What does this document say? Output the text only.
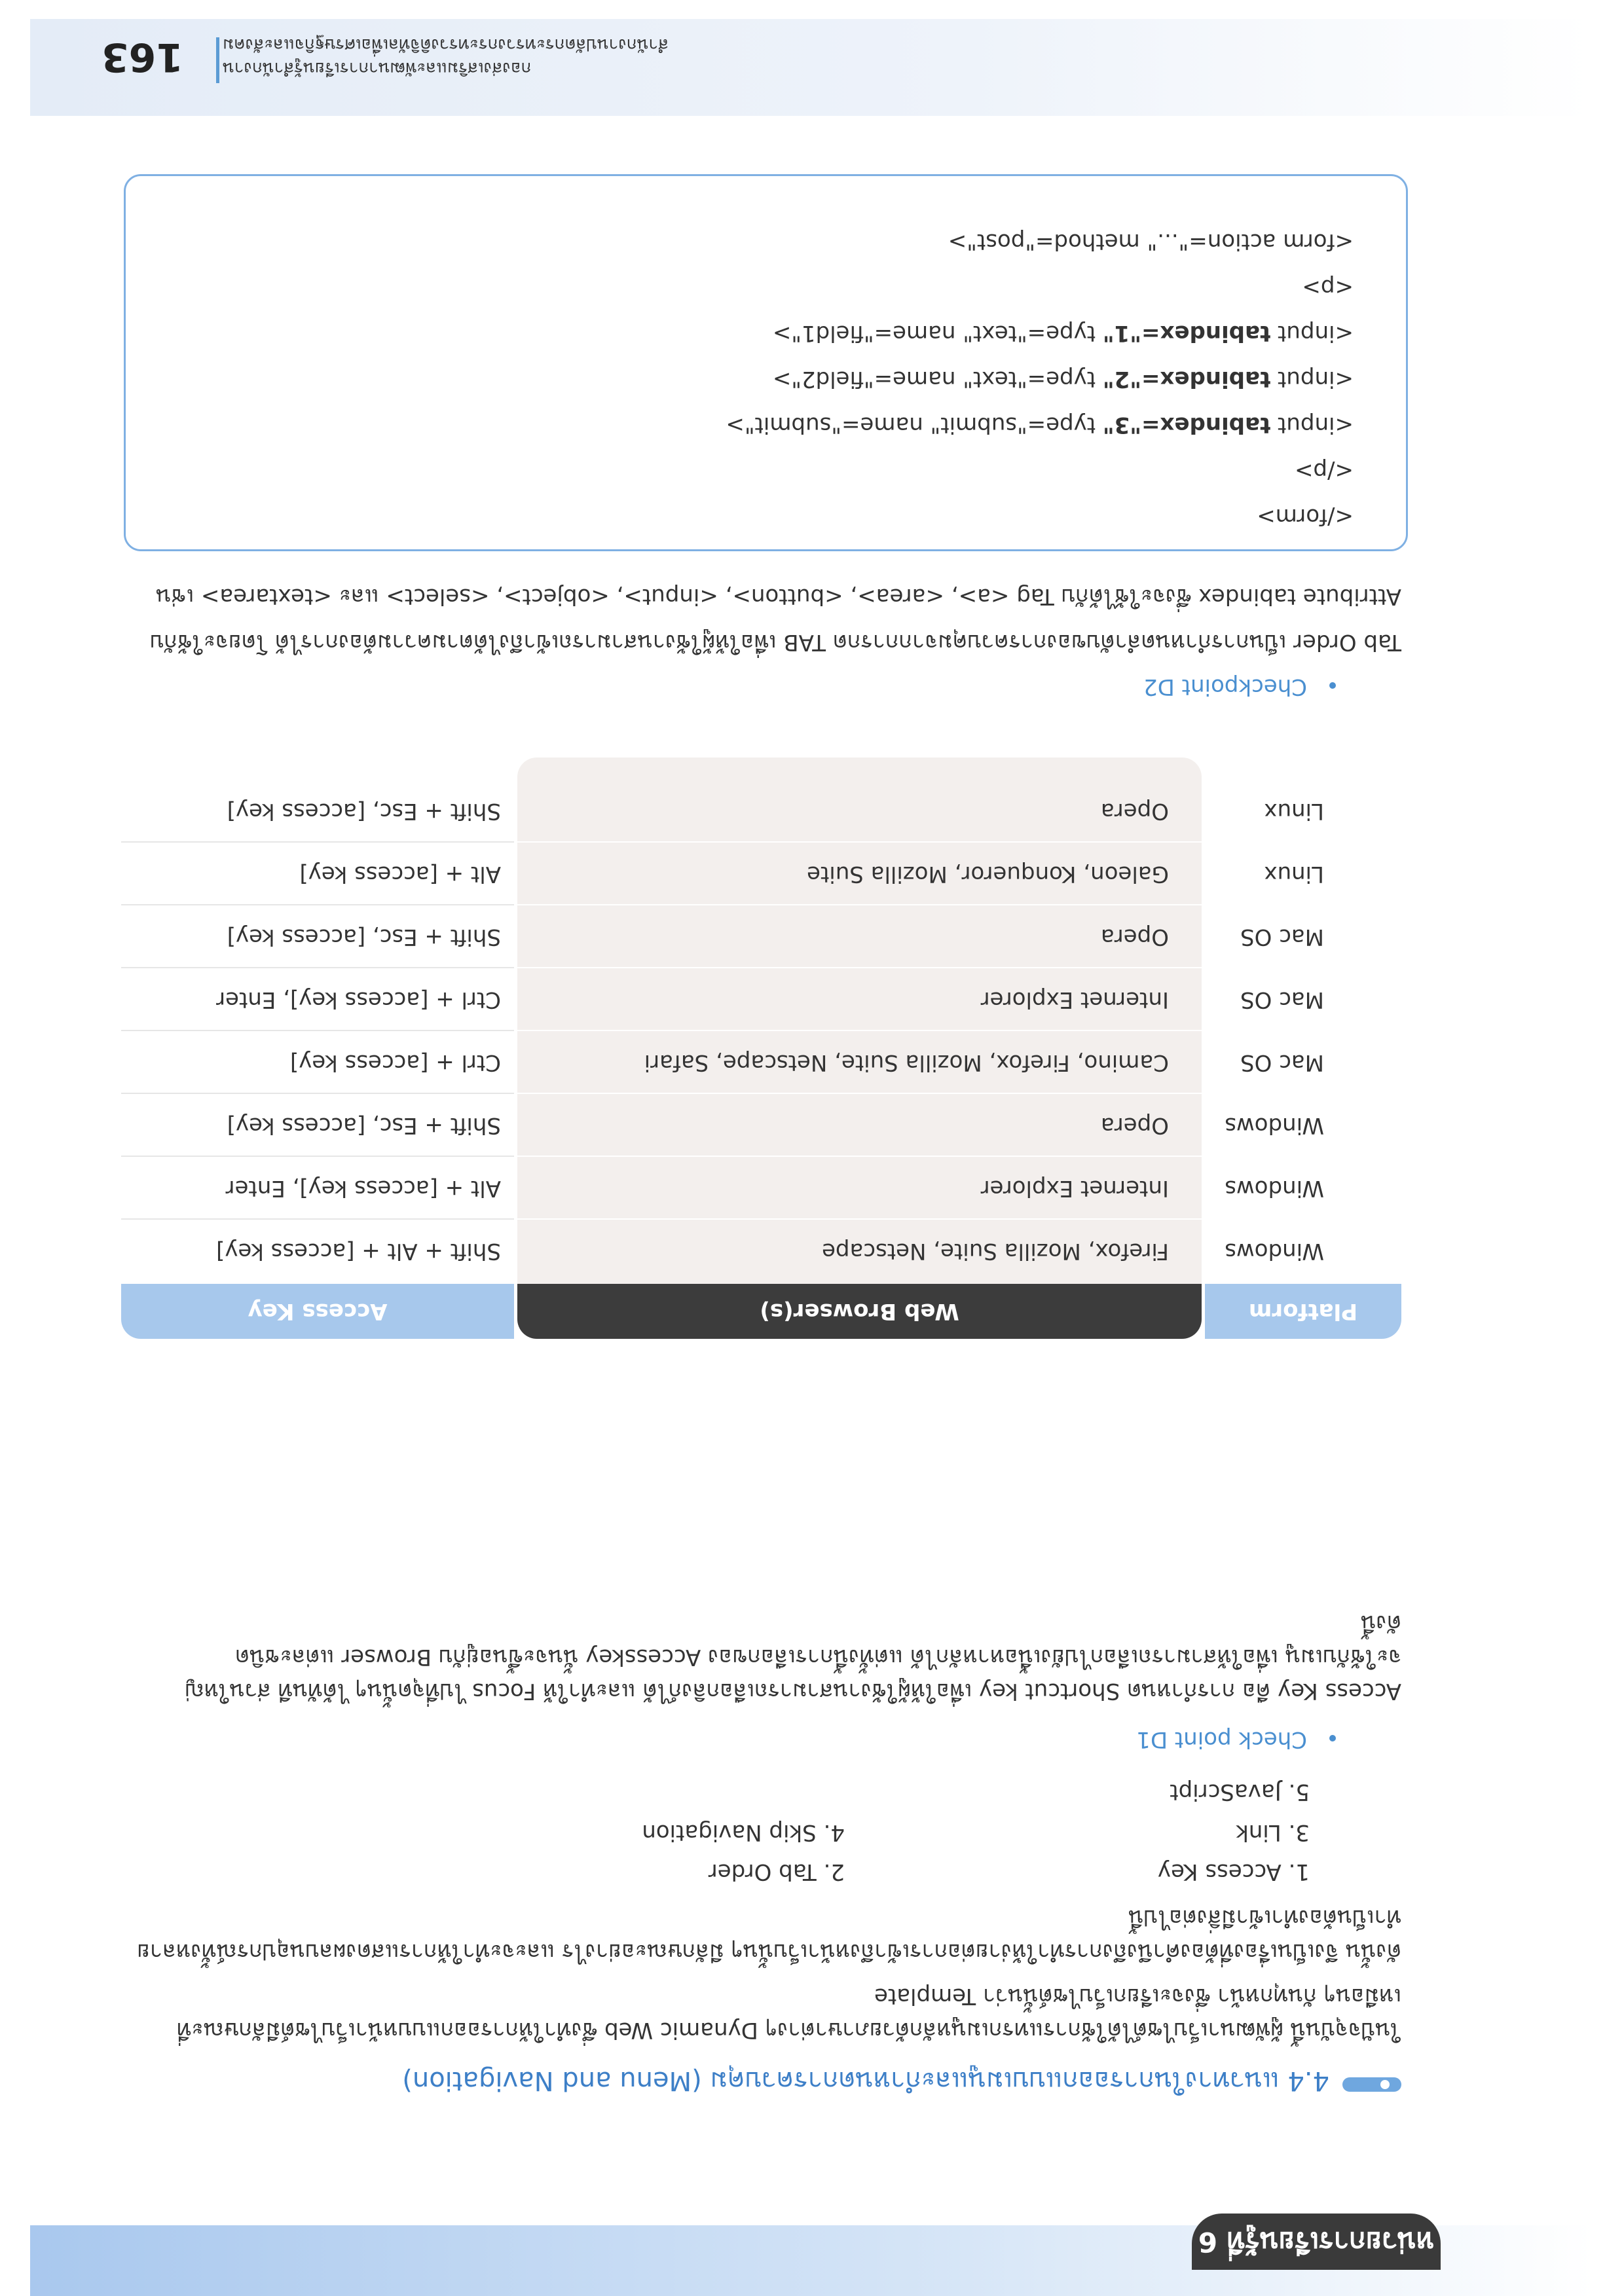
หน่วยการเรียนรู้ที่ 6
4.4 แนวทางในการออกแบบเมนูและกำหนดการควบคุม (Menu and Navigation)
ในปัจจุบันนี้ ผู้พัฒนาเว็บไซต์ได้ใช้การแทรกเมนูหลักด้วยภาษาต่างๆ Dynamic Web ซึ่งทำให้การออกแบบหน้าเว็บไซต์มีลักษณะที่
เหมือนๆ กันทุกหน้า ซึ่งจะเรียกเว็บไซต์นั้นว่า Template
ดังนั้น จึงเป็นเรื่องที่ต้องคำนึงถึงการทำให้ง่ายต่อการเข้าถึงหน้าเว็บนั้นๆ มีลักษณะอย่างไร และจะทำให้การแสดงผลบนอุปกรณ์ทั้งหลาย
ทำเป็นต้องทำเข้ามีสิ่งต่อไปนี้
1. Access Key
2. Tab Order
3. Link
4. Skip Navigation
5. JavaScript
Check point D1
Access Key คือ การกำหนด Shortcut key เพื่อให้ผู้ใช้งานสามารถเลือกลิงก์ได้ และทำให้ Focus ไปที่จุดนั้นๆ ได้ทันที ส่วนใหญ่
จะใช้กับเมนู เพื่อให้สามารถเลือกไปยังเนื้อหาหลักได้ แต่ทั้งนี้การเลือกของ Accesskey นั้นจะขึ้นอยู่กับ Browser แต่ละชนิด
ดังนี้
Platform
Web Browser(s)
Access Key
Windows
Firefox, Mozilla Suite, Netscape
Shift + Alt + [access key]
Windows
Internet Explorer
Alt + [access key], Enter
Windows
Opera
Shift + Esc, [access key]
Mac OS
Camino, Firefox, Mozilla Suite, Netscape, Safari
Ctrl + [access key]
Mac OS
Internet Explorer
Ctrl + [access key], Enter
Mac OS
Opera
Shift + Esc, [access key]
Linux
Galeon, Konqueror, Mozilla Suite
Alt + [access key]
Linux
Opera
Shift + Esc, [access key]
Checkpoint D2
Tab Order เป็นการกำหนดลำดับของการควบคุมจากการกด TAB เพื่อให้ผู้ใช้งานสามารถเข้าถึงได้ตามความต้องการได้ โดยจะใช้กับ
Attribute tabindex ซึ่งจะใช้ได้กับ Tag <a>, <area>, <button>, <input>, <object>, <select> และ <textarea> เช่น
</form>
</p>
<input tabindex="3" type="submit" name="submit">
<input tabindex="2" type="text" name="field2">
<input tabindex="1" type="text" name="field1">
<p>
<form action="..." method="post">
กองส่งเสริมและพัฒนาการเรียนรู้สำนักงาน
สำนักงานปลัดกระทรวงกระทรวงดิจิทัลเพื่อเศรษฐกิจและสังคม
163
